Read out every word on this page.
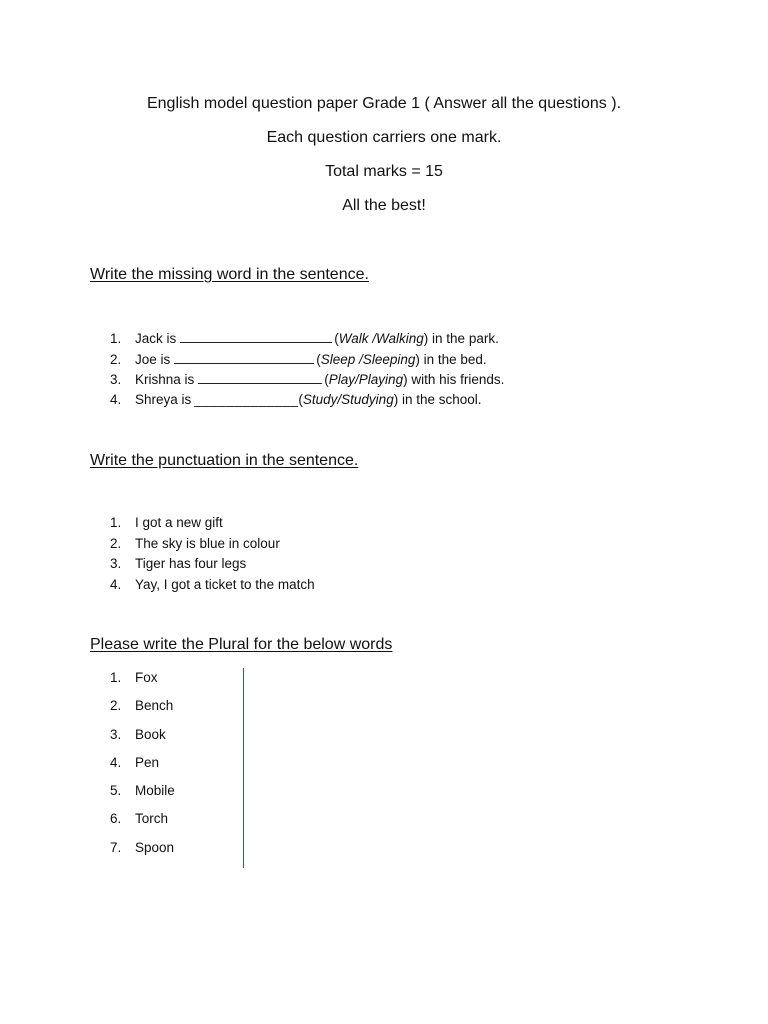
English model question paper Grade 1 ( Answer all the questions ).
Each question carriers one mark.
Total marks = 15
All the best!
Write the missing word in the sentence.
1.	Jack is	( Walk /Walking ) in the park.
2.	Joe is	( Sleep /Sleeping ) in the bed.
3.	Krishna is	( Play/Playing ) with his friends.
4.	Shreya is _____________ ( Study/Studying ) in the school.
Write the punctuation in the sentence.
1.	I got a new gift
2.	The sky is blue in colour
3.	Tiger has four legs
4.	Yay, I got a ticket to the match
Please write the Plural for the below words
1.	Fox
2.	Bench
3.	Book
4.	Pen
5.	Mobile
6.	Torch
7.	Spoon
